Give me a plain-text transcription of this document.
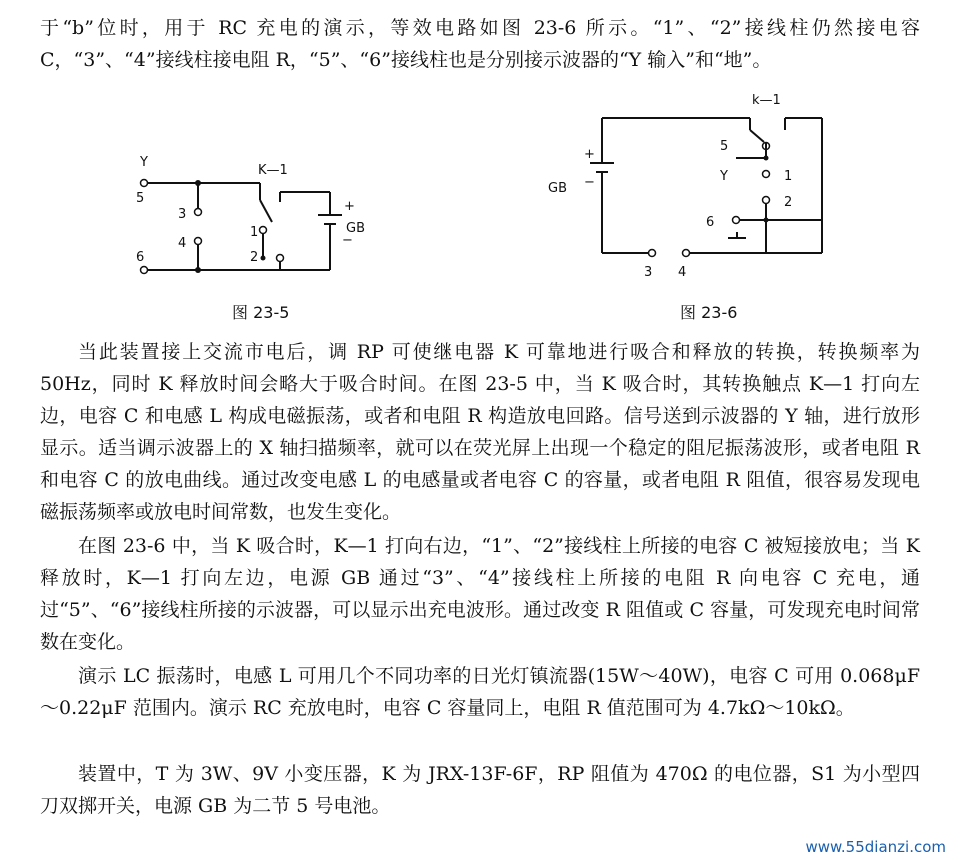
于“b”位时，用于 RC 充电的演示，等效电路如图 23-6 所示。“1”、“2”接线柱仍然接电容 C，“3”、“4”接线柱接电阻 R，“5”、“6”接线柱也是分别接示波器的“Y 输入”和“地”。

Y
5
6
3
4
K—1
1
2
+
GB
−
图 23-5
k—1
5
Y	1
2
6
3 4
GB
+
−
图 23-6

当此装置接上交流市电后，调 RP 可使继电器 K 可靠地进行吸合和释放的转换，转换频率为 50Hz，同时 K 释放时间会略大于吸合时间。在图 23-5 中，当 K 吸合时，其转换触点 K—1 打向左边，电容 C 和电感 L 构成电磁振荡，或者和电阻 R 构造放电回路。信号送到示波器的 Y 轴，进行放形显示。适当调示波器上的 X 轴扫描频率，就可以在荧光屏上出现一个稳定的阻尼振荡波形，或者电阻 R 和电容 C 的放电曲线。通过改变电感 L 的电感量或者电容 C 的容量，或者电阻 R 阻值，很容易发现电磁振荡频率或放电时间常数，也发生变化。

在图 23-6 中，当 K 吸合时，K—1 打向右边，“1”、“2”接线柱上所接的电容 C 被短接放电；当 K 释放时，K—1 打向左边，电源 GB 通过“3”、“4”接线柱上所接的电阻 R 向电容 C 充电，通过“5”、“6”接线柱所接的示波器，可以显示出充电波形。通过改变 R 阻值或 C 容量，可发现充电时间常数在变化。

演示 LC 振荡时，电感 L 可用几个不同功率的日光灯镇流器(15W～40W)，电容 C 可用 0.068μF～0.22μF 范围内。演示 RC 充放电时，电容 C 容量同上，电阻 R 值范围可为 4.7kΩ～10kΩ。

装置中，T 为 3W、9V 小变压器，K 为 JRX-13F-6F，RP 阻值为 470Ω 的电位器，S1 为小型四刀双掷开关，电源 GB 为二节 5 号电池。

www.55dianzi.com
